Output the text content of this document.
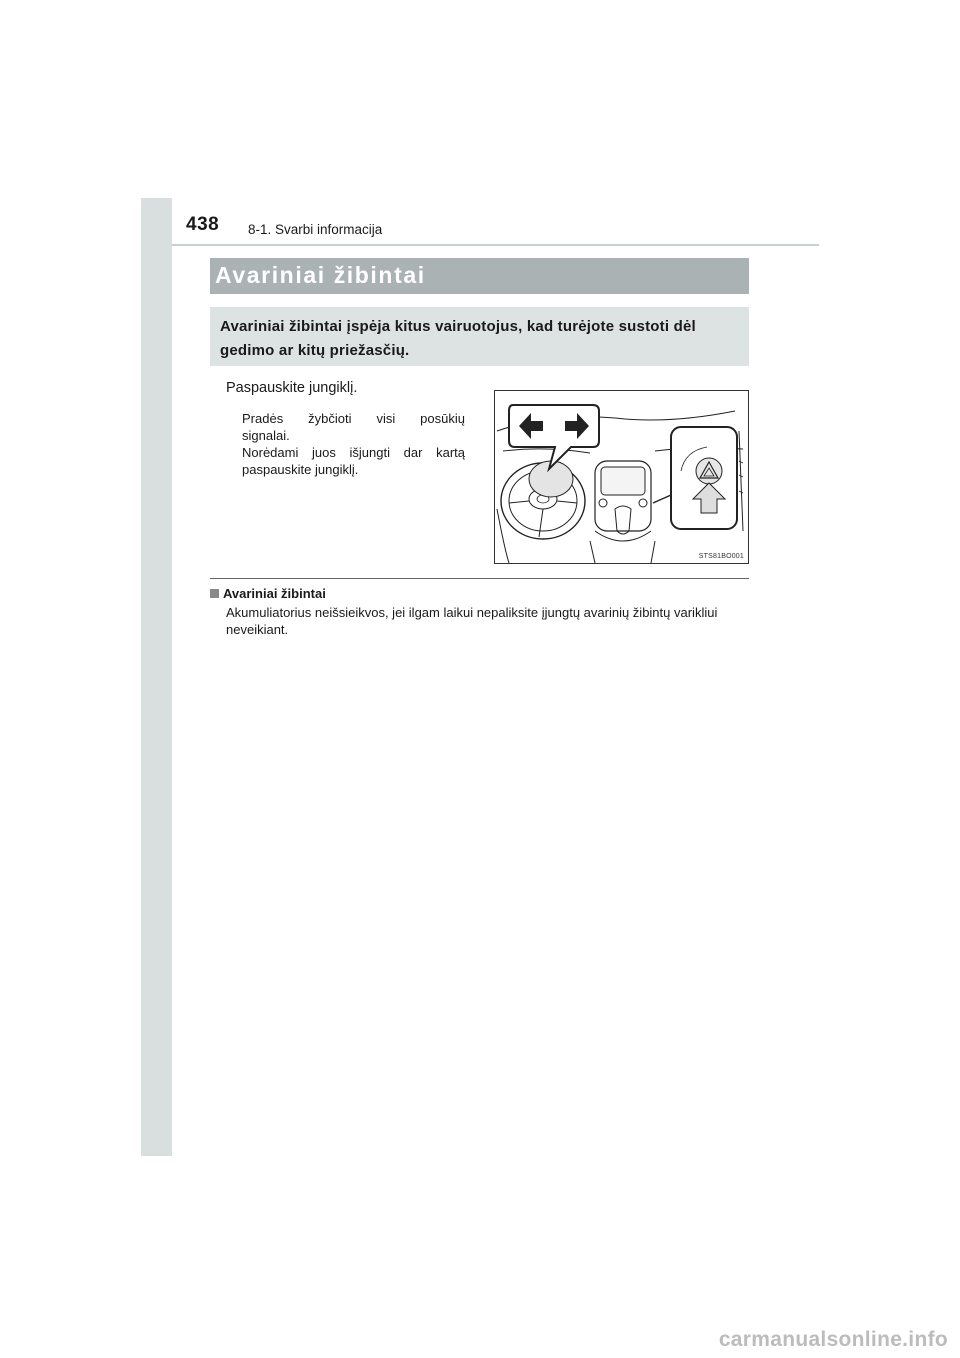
438 8-1. Svarbi informacija
Avariniai žibintai
Avariniai žibintai įspėja kitus vairuotojus, kad turėjote sustoti dėl gedimo ar kitų priežasčių.
Paspauskite jungiklį.
Pradės žybčioti visi posūkių
signalai.
Norėdami juos išjungti dar kartą
paspauskite jungiklį.
STS81BO001
Avariniai žibintai
Akumuliatorius neišsieikvos, jei ilgam laikui nepaliksite įjungtų avarinių žibintų varikliui neveikiant.
carmanualsonline.info
